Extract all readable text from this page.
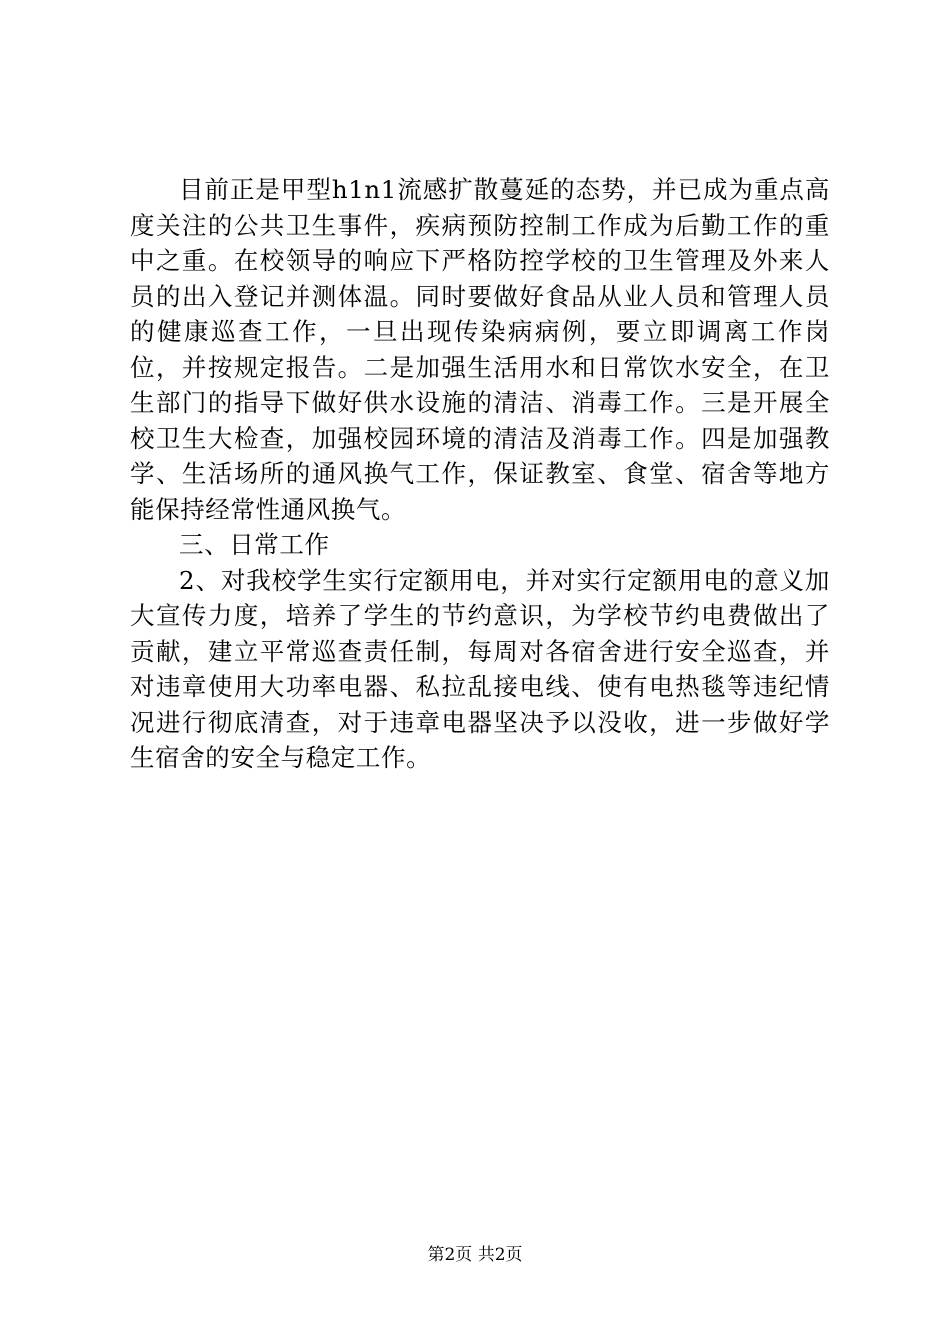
目前正是甲型h1n1流感扩散蔓延的态势，并已成为重点高度关注的公共卫生事件，疾病预防控制工作成为后勤工作的重中之重。在校领导的响应下严格防控学校的卫生管理及外来人员的出入登记并测体温。同时要做好食品从业人员和管理人员的健康巡查工作，一旦出现传染病病例，要立即调离工作岗位，并按规定报告。二是加强生活用水和日常饮水安全，在卫生部门的指导下做好供水设施的清洁、消毒工作。三是开展全校卫生大检查，加强校园环境的清洁及消毒工作。四是加强教学、生活场所的通风换气工作，保证教室、食堂、宿舍等地方能保持经常性通风换气。

三、日常工作

2、对我校学生实行定额用电，并对实行定额用电的意义加大宣传力度，培养了学生的节约意识，为学校节约电费做出了贡献，建立平常巡查责任制，每周对各宿舍进行安全巡查，并对违章使用大功率电器、私拉乱接电线、使有电热毯等违纪情况进行彻底清查，对于违章电器坚决予以没收，进一步做好学生宿舍的安全与稳定工作。

第2页 共2页
